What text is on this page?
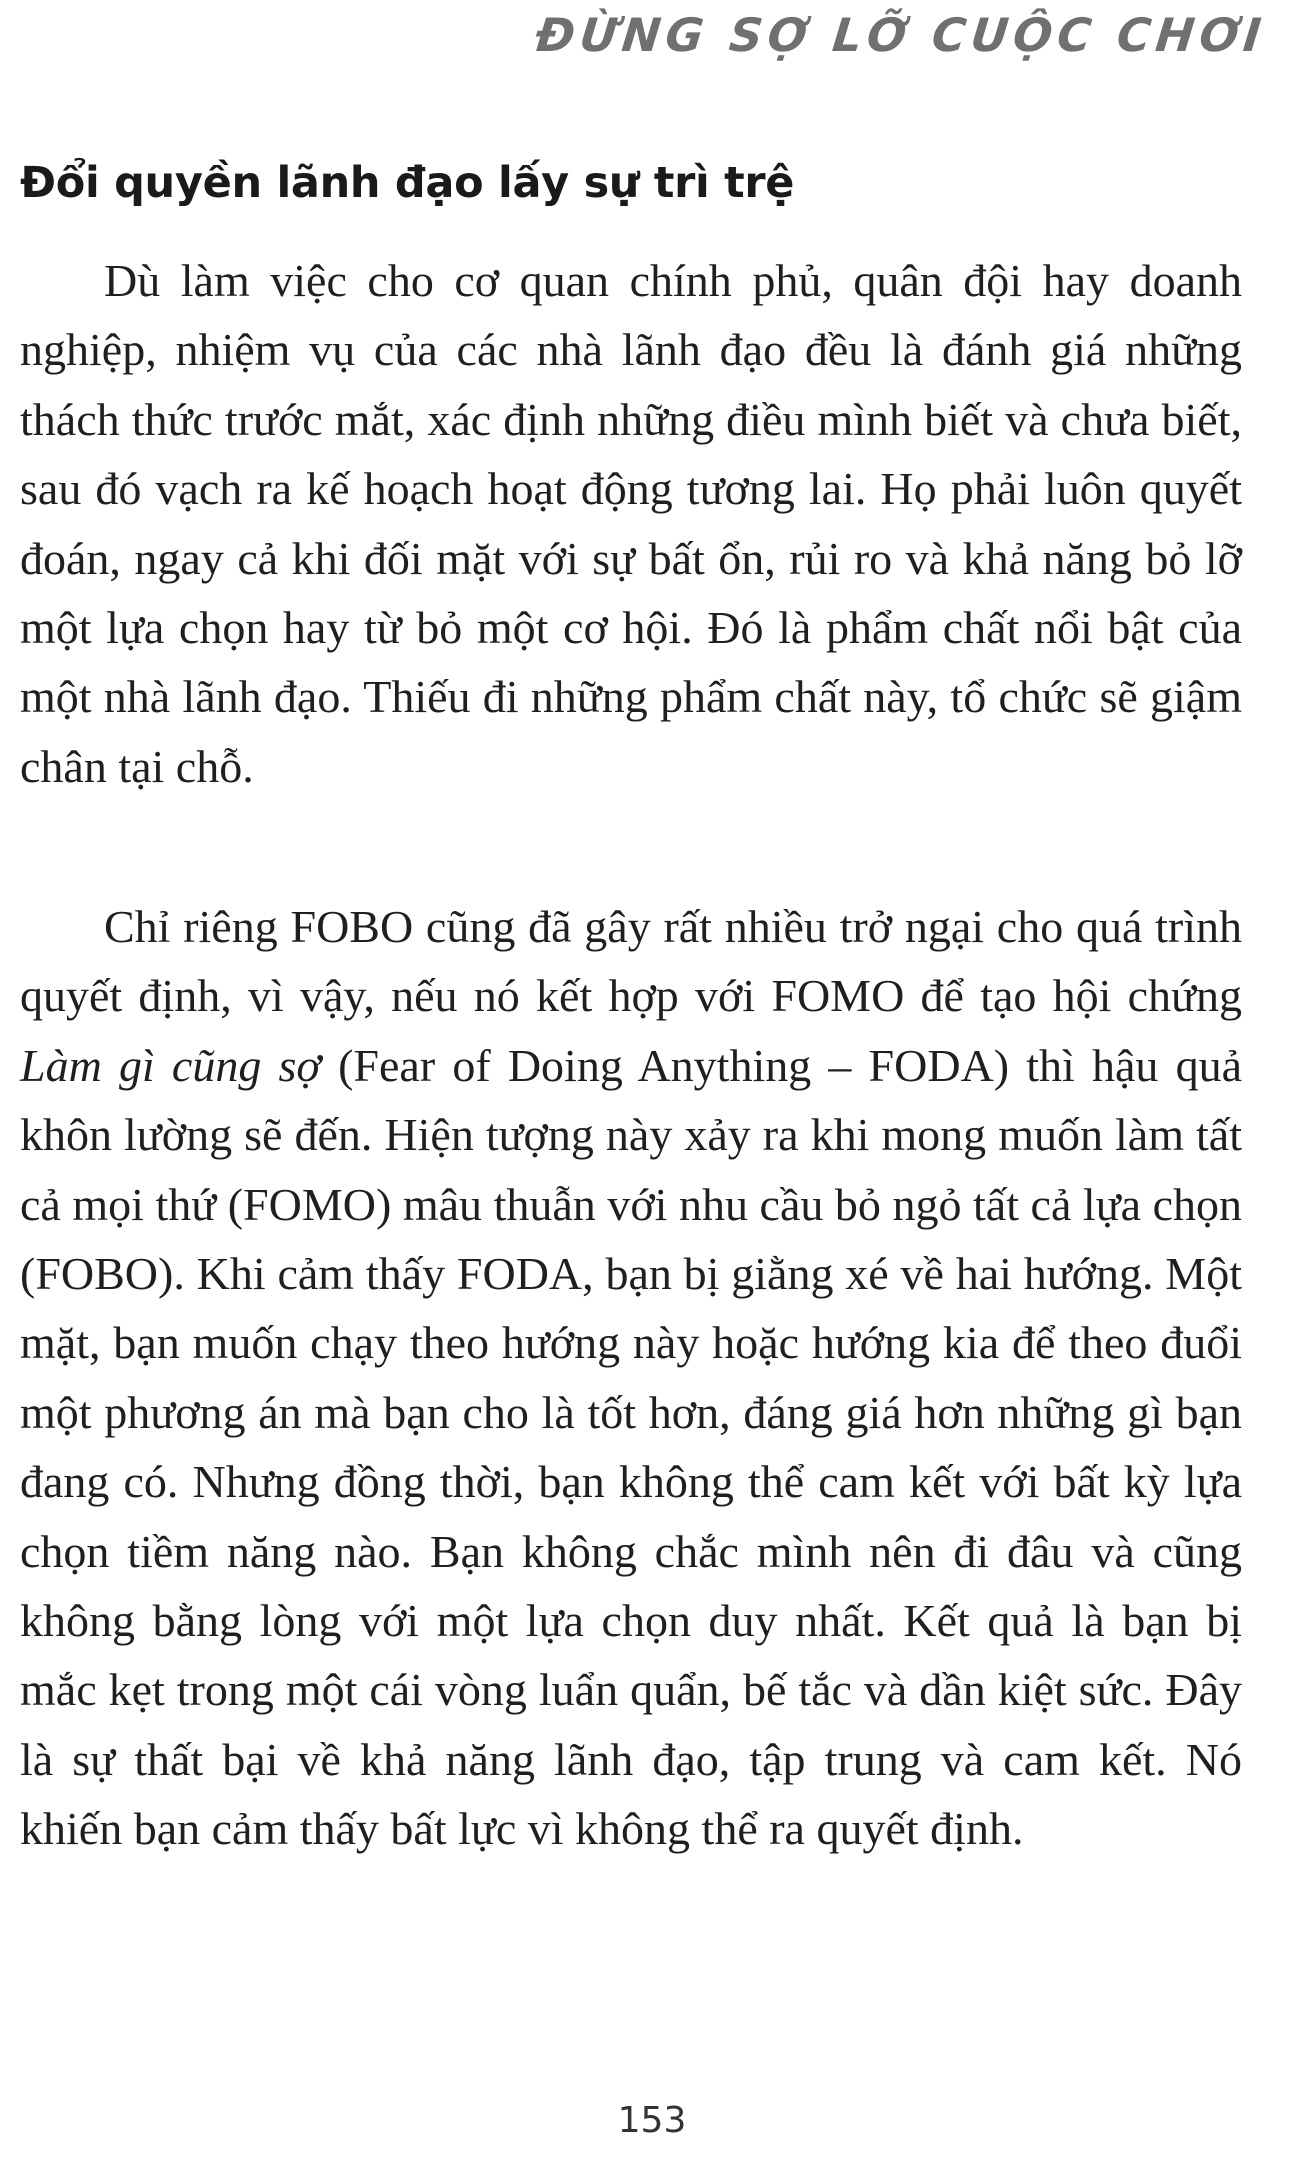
ĐỪNG SỢ LỠ CUỘC CHƠI
Đổi quyền lãnh đạo lấy sự trì trệ

Dù làm việc cho cơ quan chính phủ, quân đội hay doanh nghiệp, nhiệm vụ của các nhà lãnh đạo đều là đánh giá những thách thức trước mắt, xác định những điều mình biết và chưa biết, sau đó vạch ra kế hoạch hoạt động tương lai. Họ phải luôn quyết đoán, ngay cả khi đối mặt với sự bất ổn, rủi ro và khả năng bỏ lỡ một lựa chọn hay từ bỏ một cơ hội. Đó là phẩm chất nổi bật của một nhà lãnh đạo. Thiếu đi những phẩm chất này, tổ chức sẽ giậm chân tại chỗ.

Chỉ riêng FOBO cũng đã gây rất nhiều trở ngại cho quá trình quyết định, vì vậy, nếu nó kết hợp với FOMO để tạo hội chứng Làm gì cũng sợ (Fear of Doing Anything – FODA) thì hậu quả khôn lường sẽ đến. Hiện tượng này xảy ra khi mong muốn làm tất cả mọi thứ (FOMO) mâu thuẫn với nhu cầu bỏ ngỏ tất cả lựa chọn (FOBO). Khi cảm thấy FODA, bạn bị giằng xé về hai hướng. Một mặt, bạn muốn chạy theo hướng này hoặc hướng kia để theo đuổi một phương án mà bạn cho là tốt hơn, đáng giá hơn những gì bạn đang có. Nhưng đồng thời, bạn không thể cam kết với bất kỳ lựa chọn tiềm năng nào. Bạn không chắc mình nên đi đâu và cũng không bằng lòng với một lựa chọn duy nhất. Kết quả là bạn bị mắc kẹt trong một cái vòng luẩn quẩn, bế tắc và dần kiệt sức. Đây là sự thất bại về khả năng lãnh đạo, tập trung và cam kết. Nó khiến bạn cảm thấy bất lực vì không thể ra quyết định.

153
